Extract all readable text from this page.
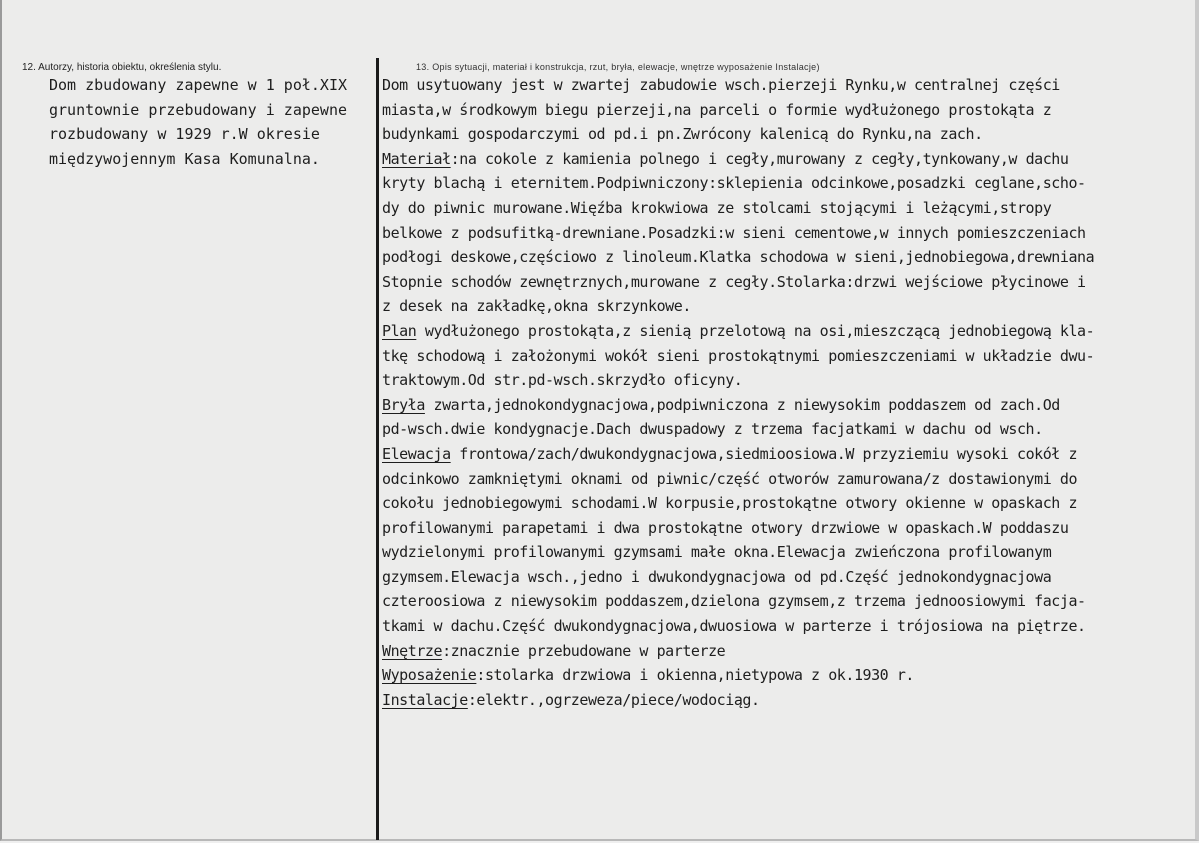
12. Autorzy, historia obiektu, określenia stylu.	13. Opis sytuacji, materiał i konstrukcja, rzut, bryła, elewacje, wnętrze wyposażenie Instalacje)
Dom zbudowany zapewne w 1 poł.XIX
gruntownie przebudowany i zapewne
rozbudowany w 1929 r.W okresie
międzywojennym Kasa Komunalna.
Dom usytuowany jest w zwartej zabudowie wsch.pierzeji Rynku,w centralnej części
miasta,w środkowym biegu pierzeji,na parceli o formie wydłużonego prostokąta z
budynkami gospodarczymi od pd.i pn.Zwrócony kalenicą do Rynku,na zach.
Materiał:na cokole z kamienia polnego i cegły,murowany z cegły,tynkowany,w dachu
kryty blachą i eternitem.Podpiwniczony:sklepienia odcinkowe,posadzki ceglane,scho-
dy do piwnic murowane.Więźba krokwiowa ze stolcami stojącymi i leżącymi,stropy
belkowe z podsufitką-drewniane.Posadzki:w sieni cementowe,w innych pomieszczeniach
podłogi deskowe,częściowo z linoleum.Klatka schodowa w sieni,jednobiegowa,drewniana
Stopnie schodów zewnętrznych,murowane z cegły.Stolarka:drzwi wejściowe płycinowe i
z desek na zakładkę,okna skrzynkowe.
Plan wydłużonego prostokąta,z sienią przelotową na osi,mieszczącą jednobiegową kla-
tkę schodową i założonymi wokół sieni prostokątnymi pomieszczeniami w układzie dwu-
traktowym.Od str.pd-wsch.skrzydło oficyny.
Bryła zwarta,jednokondygnacjowa,podpiwniczona z niewysokim poddaszem od zach.Od
pd-wsch.dwie kondygnacje.Dach dwuspadowy z trzema facjatkami w dachu od wsch.
Elewacja frontowa/zach/dwukondygnacjowa,siedmioosiowa.W przyziemiu wysoki cokół z
odcinkowo zamkniętymi oknami od piwnic/część otworów zamurowana/z dostawionymi do
cokołu jednobiegowymi schodami.W korpusie,prostokątne otwory okienne w opaskach z
profilowanymi parapetami i dwa prostokątne otwory drzwiowe w opaskach.W poddaszu
wydzielonymi profilowanymi gzymsami małe okna.Elewacja zwieńczona profilowanym
gzymsem.Elewacja wsch.,jedno i dwukondygnacjowa od pd.Część jednokondygnacjowa
czteroosiowa z niewysokim poddaszem,dzielona gzymsem,z trzema jednoosiowymi facja-
tkami w dachu.Część dwukondygnacjowa,dwuosiowa w parterze i trójosiowa na piętrze.
Wnętrze:znacznie przebudowane w parterze
Wyposażenie:stolarka drzwiowa i okienna,nietypowa z ok.1930 r.
Instalacje:elektr.,ogrzeweza/piece/wodociąg.
